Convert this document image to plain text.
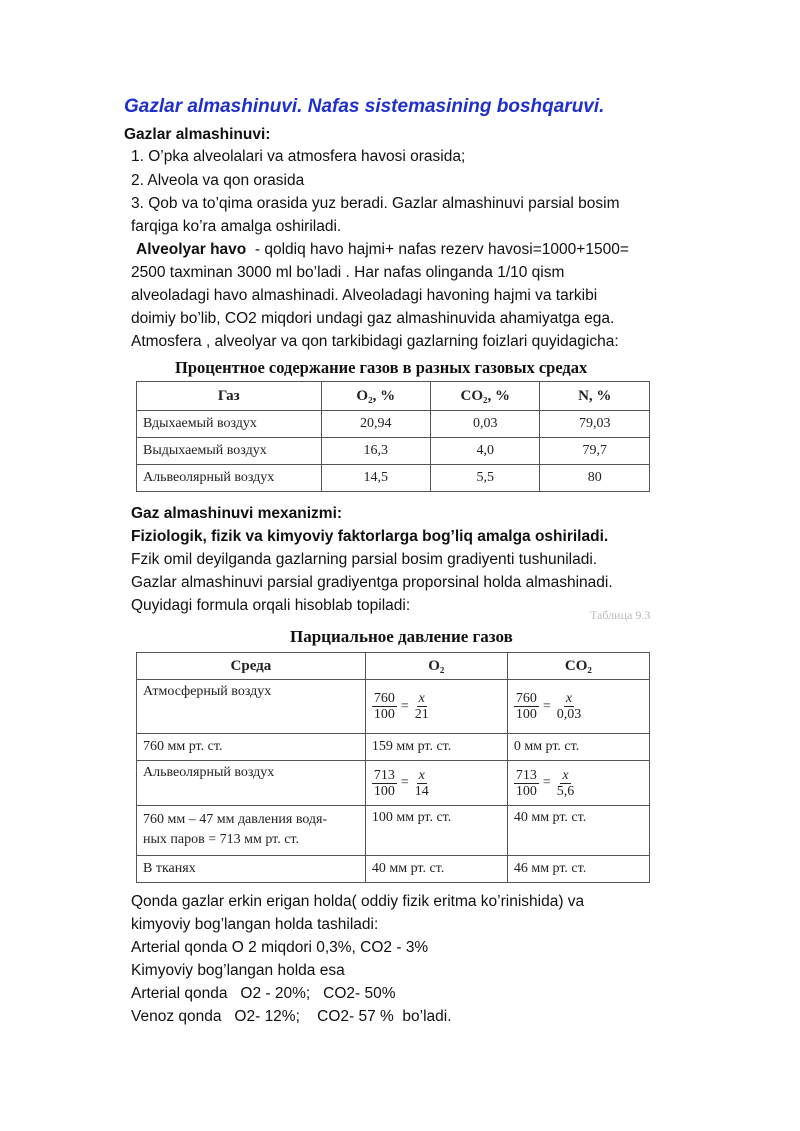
Gazlar almashinuvi. Nafas sistemasining boshqaruvi.
Gazlar almashinuvi:
1. O’pka alveolalari va atmosfera havosi orasida;
2. Alveola va qon orasida
3. Qob va to’qima orasida yuz beradi. Gazlar almashinuvi parsial bosim
farqiga ko’ra amalga oshiriladi.
Alveolyar havo  - qoldiq havo hajmi+ nafas rezerv havosi=1000+1500=
2500 taxminan 3000 ml bo’ladi . Har nafas olinganda 1/10 qism
alveoladagi havo almashinadi. Alveoladagi havoning hajmi va tarkibi
doimiy bo’lib, CO2 miqdori undagi gaz almashinuvida ahamiyatga ega.
Atmosfera , alveolyar va qon tarkibidagi gazlarning foizlari quyidagicha:
Процентное содержание газов в разных газовых средах
Газ	O₂, %	CO₂, %	N, %
Вдыхаемый воздух	20,94	0,03	79,03
Выдыхаемый воздух	16,3	4,0	79,7
Альвеолярный воздух	14,5	5,5	80
Gaz almashinuvi mexanizmi:
Fiziologik, fizik va kimyoviy faktorlarga bog’liq amalga oshiriladi.
Fzik omil deyilganda gazlarning parsial bosim gradiyenti tushuniladi.
Gazlar almashinuvi parsial gradiyentga proporsinal holda almashinadi.
Quyidagi formula orqali hisoblab topiladi:
Таблица 9.3
Парциальное давление газов
Среда	O₂	CO₂
Атмосферный воздух	$\frac{760}{100} = \frac{x}{21}$	$\frac{760}{100} = \frac{x}{0,03}$

760 мм рт. ст.	159 мм рт. ст.	0 мм рт. ст.
Альвеолярный воздух	$\frac{713}{100} = \frac{x}{14}$	$\frac{713}{100} = \frac{x}{5,6}$

760 мм – 47 мм давления водя-
ных паров = 713 мм рт. ст.	100 мм рт. ст.	40 мм рт. ст.
В тканях	40 мм рт. ст.	46 мм рт. ст.
Qonda gazlar erkin erigan holda( oddiy fizik eritma ko’rinishida) va
kimyoviy bog’langan holda tashiladi:
Arterial qonda O 2 miqdori 0,3%, CO2 - 3%
Kimyoviy bog’langan holda esa
Arterial qonda   O2 - 20%;   CO2- 50%
Venoz qonda   O2- 12%;    CO2- 57 %  bo’ladi.
